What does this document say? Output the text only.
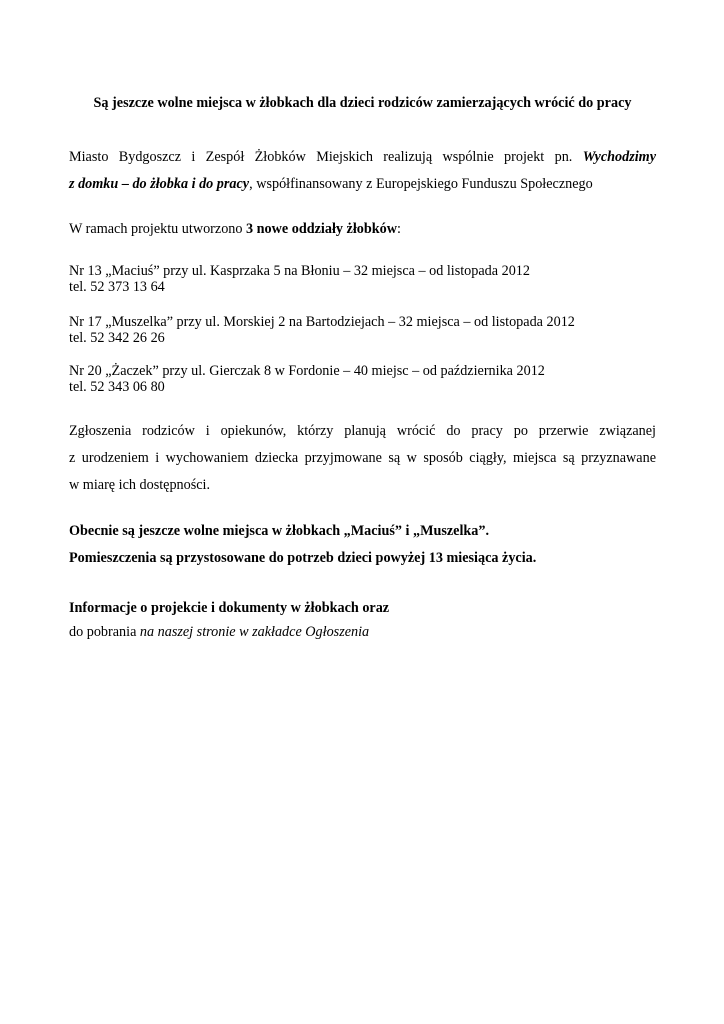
Są jeszcze wolne miejsca w żłobkach dla dzieci rodziców zamierzających wrócić do pracy
Miasto Bydgoszcz i Zespół Żłobków Miejskich realizują wspólnie projekt pn. Wychodzimy
z domku – do żłobka i do pracy, współfinansowany z Europejskiego Funduszu Społecznego
W ramach projektu utworzono 3 nowe oddziały żłobków:
Nr 13 „Maciuś” przy ul. Kasprzaka 5 na Błoniu – 32 miejsca – od listopada 2012
tel. 52 373 13 64
Nr 17 „Muszelka” przy ul. Morskiej 2 na Bartodziejach – 32 miejsca – od listopada 2012
tel. 52 342 26 26
Nr 20 „Żaczek” przy ul. Gierczak 8 w Fordonie – 40 miejsc – od października 2012
tel. 52 343 06 80
Zgłoszenia rodziców i opiekunów, którzy planują wrócić do pracy po przerwie związanej
z urodzeniem i wychowaniem dziecka przyjmowane są w sposób ciągły, miejsca są przyznawane
w miarę ich dostępności.
Obecnie są jeszcze wolne miejsca w żłobkach „Maciuś” i „Muszelka”.
Pomieszczenia są przystosowane do potrzeb dzieci powyżej 13 miesiąca życia.
Informacje o projekcie i dokumenty w żłobkach oraz
do pobrania na naszej stronie w zakładce Ogłoszenia
